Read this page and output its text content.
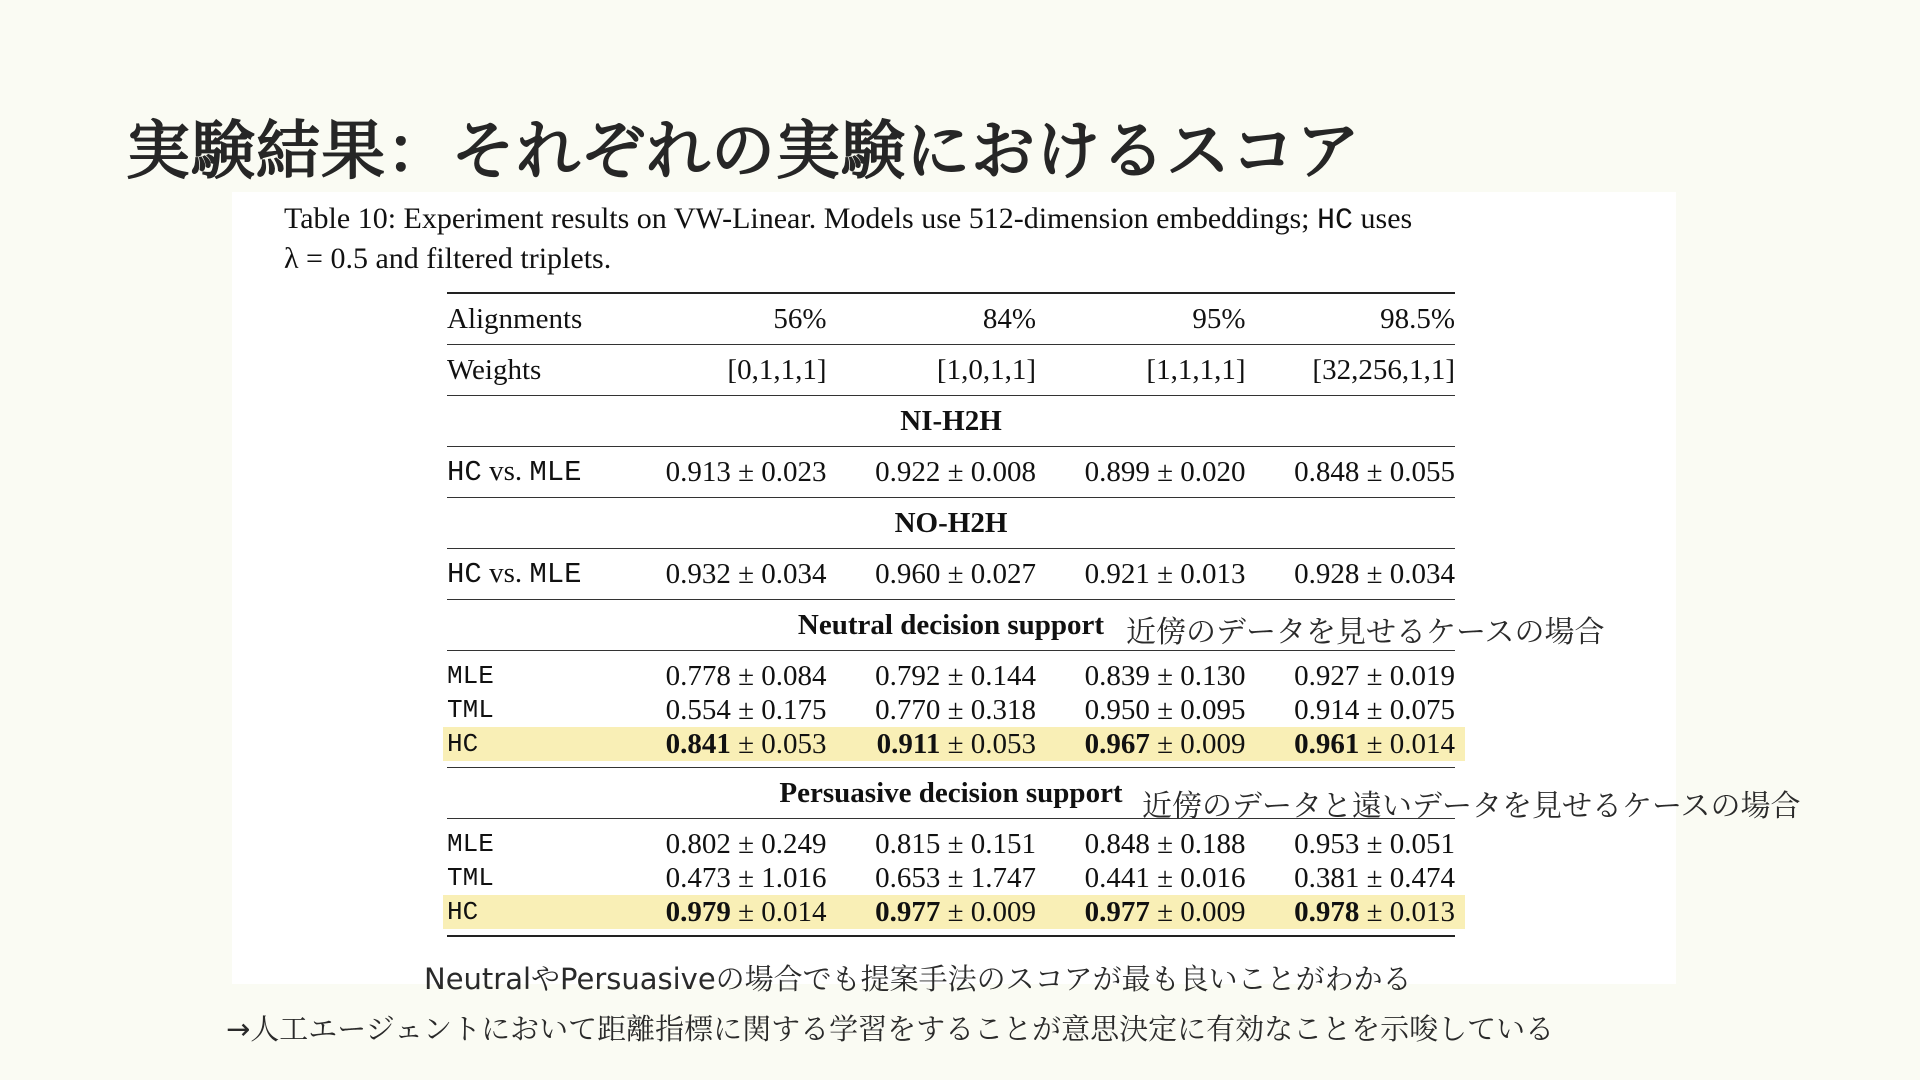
実験結果：それぞれの実験におけるスコア
Table 10: Experiment results on VW-Linear. Models use 512-dimension embeddings; HC uses
λ = 0.5 and filtered triplets.
Alignments	56%	84%	95%	98.5%
Weights	[0,1,1,1]	[1,0,1,1]	[1,1,1,1]	[32,256,1,1]
NI-H2H
HC vs. MLE	0.913 ± 0.023	0.922 ± 0.008	0.899 ± 0.020	0.848 ± 0.055
NO-H2H
HC vs. MLE	0.932 ± 0.034	0.960 ± 0.027	0.921 ± 0.013	0.928 ± 0.034
Neutral decision support
MLE	0.778 ± 0.084	0.792 ± 0.144	0.839 ± 0.130	0.927 ± 0.019
TML	0.554 ± 0.175	0.770 ± 0.318	0.950 ± 0.095	0.914 ± 0.075
HC	0.841 ± 0.053	0.911 ± 0.053	0.967 ± 0.009	0.961 ± 0.014
Persuasive decision support
MLE	0.802 ± 0.249	0.815 ± 0.151	0.848 ± 0.188	0.953 ± 0.051
TML	0.473 ± 1.016	0.653 ± 1.747	0.441 ± 0.016	0.381 ± 0.474
HC	0.979 ± 0.014	0.977 ± 0.009	0.977 ± 0.009	0.978 ± 0.013
近傍のデータを見せるケースの場合
近傍のデータと遠いデータを見せるケースの場合
NeutralやPersuasiveの場合でも提案手法のスコアが最も良いことがわかる
→人工エージェントにおいて距離指標に関する学習をすることが意思決定に有効なことを示唆している
